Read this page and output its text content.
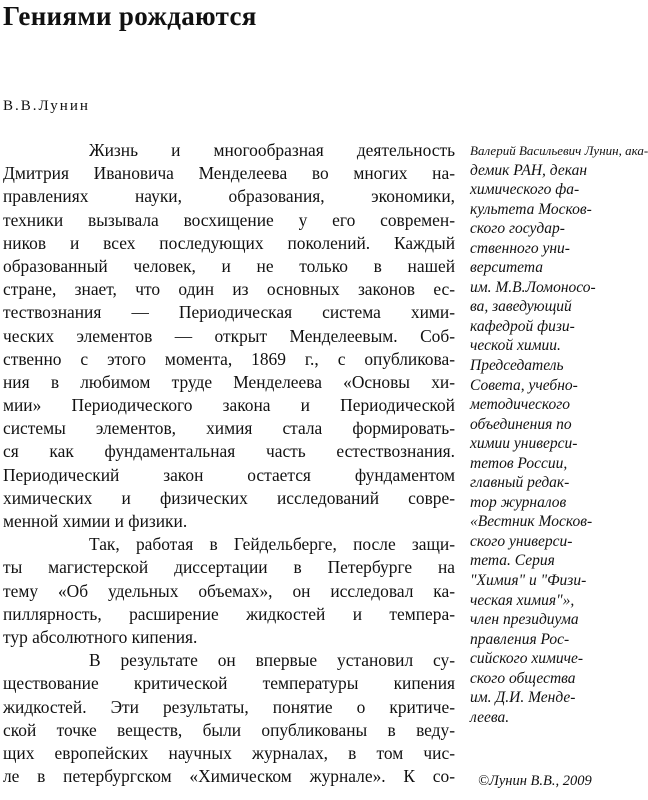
Гениями рождаются
В.В.Лунин
Жизнь и многообразная деятельность
Дмитрия Ивановича Менделеева во многих на-
правлениях науки, образования, экономики,
техники вызывала восхищение у его современ-
ников и всех последующих поколений. Каждый
образованный человек, и не только в нашей
стране, знает, что один из основных законов ес-
тествознания — Периодическая система хими-
ческих элементов — открыт Менделеевым. Соб-
ственно с этого момента, 1869 г., с опубликова-
ния в любимом труде Менделеева «Основы хи-
мии» Периодического закона и Периодической
системы элементов, химия стала формировать-
ся как фундаментальная часть естествознания.
Периодический закон остается фундаментом
химических и физических исследований совре-
менной химии и физики.
Так, работая в Гейдельберге, после защи-
ты магистерской диссертации в Петербурге на
тему «Об удельных объемах», он исследовал ка-
пиллярность, расширение жидкостей и темпера-
тур абсолютного кипения.
В результате он впервые установил су-
ществование критической температуры кипения
жидкостей. Эти результаты, понятие о критиче-
ской точке веществ, были опубликованы в веду-
щих европейских научных журналах, в том чис-
ле в петербургском «Химическом журнале». К со-
Валерий Васильевич Лунин, ака-
демик РАН, декан
химического фа-
культета Москов-
ского государ-
ственного уни-
верситета
им. М.В.Ломоносо-
ва, заведующий
кафедрой физи-
ческой химии.
Председатель
Совета, учебно-
методического
объединения по
химии универси-
тетов России,
главный редак-
тор журналов
«Вестник Москов-
ского универси-
тета. Серия
"Химия" и "Физи-
ческая химия"»,
член президиума
правления Рос-
сийского химиче-
ского общества
им. Д.И. Менде-
леева.
©Лунин В.В., 2009
